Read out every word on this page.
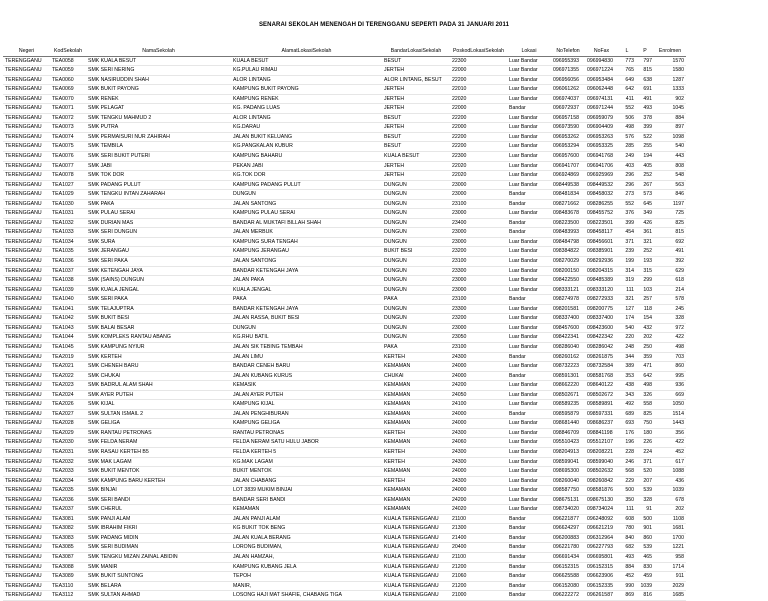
SENARAI SEKOLAH MENENGAH DI TERENGGANU SEPERTI PADA 31 JANUARI 2011
Negeri	KodSekolah	NamaSekolah	AlamatLokasiSekolah	BandarLokasiSekolah	PoskodLokasiSekolah	Lokasi	NoTelefon	NoFax	L	P	Enrolmen
TERENGGANU	TEA0058	SMK KUALA BESUT	KUALA BESUT	BESUT	22300	Luar Bandar	096955393	096994830	773	797	1570
TERENGGANU	TEA0059	SMK SERI NERING	KG.PULAU RIMAU	JERTEH	22000	Luar Bandar	096971355	096971224	765	815	1580
TERENGGANU	TEA0060	SMK NASIRUDDIN SHAH	ALOR LINTANG	ALOR LINTANG, BESUT	22200	Luar Bandar	096956056	096953484	649	638	1287
TERENGGANU	TEA0069	SMK BUKIT PAYONG	KAMPUNG BUKIT PAYONG	JERTEH	22010	Luar Bandar	096061262	096062448	642	691	1333
TERENGGANU	TEA0070	SMK RENEK	KAMPUNG RENEK	JERTEH	22020	Luar Bandar	096974037	096974131	411	491	902
TERENGGANU	TEA0071	SMK PELAGAT	KG. PADANG LUAS	JERTEH	22000	Bandar	096972937	096971244	552	493	1045
TERENGGANU	TEA0072	SMK TENGKU MAHMUD 2	ALOR LINTANG	BESUT	22200	Luar Bandar	096957158	096959079	506	378	884
TERENGGANU	TEA0073	SMK PUTRA	KG.DARAU	JERTEH	22000	Luar Bandar	096973590	096904409	498	399	897
TERENGGANU	TEA0074	SMK PERMAISURI NUR ZAHIRAH	JALAN BUKIT KELUANG	BESUT	22200	Luar Bandar	096953262	096953263	576	522	1098
TERENGGANU	TEA0075	SMK TEMBILA	KG.PANGKALAN KUBUR	BESUT	22200	Luar Bandar	096953294	096953325	285	255	540
TERENGGANU	TEA0076	SMK SERI BUKIT PUTERI	KAMPUNG BAHARU	KUALA BESUT	22300	Luar Bandar	096957600	096941768	249	194	443
TERENGGANU	TEA0077	SMK JABI	PEKAN JABI	JERTEH	22020	Luar Bandar	096941707	096941706	403	405	808
TERENGGANU	TEA0078	SMK TOK DOR	KG.TOK DOR	JERTEH	22020	Luar Bandar	096924869	096925969	296	252	548
TERENGGANU	TEA1027	SMK PADANG PULUT	KAMPUNG PADANG PULUT	DUNGUN	23000	Luar Bandar	098449538	098449532	296	267	563
TERENGGANU	TEA1029	SMK TENGKU INTAN ZAHARAH	DUNGUN	DUNGUN	23000	Bandar	098481834	098458032	273	573	846
TERENGGANU	TEA1030	SMK PAKA	JALAN SANTONG	DUNGUN	23100	Bandar	098271662	098286255	552	645	1197
TERENGGANU	TEA1031	SMK PULAU SERAI	KAMPUNG PULAU SERAI	DUNGUN	23000	Luar Bandar	098483678	098455752	376	349	725
TERENGGANU	TEA1032	SMK DURIAN MAS	BANDAR AL MUKTAFI BILLAH SHAH	DUNGUN	23400	Bandar	098223500	098223501	399	426	825
TERENGGANU	TEA1033	SMK SERI DUNGUN	JALAN MERBUK	DUNGUN	23000	Bandar	098483993	098458117	454	361	815
TERENGGANU	TEA1034	SMK SURA	KAMPUNG SURA TENGAH	DUNGUN	23000	Luar Bandar	098484798	098456601	371	321	692
TERENGGANU	TEA1035	SMK JERANGAU	KAMPUNG JERANGAU	BUKIT BESI	23200	Luar Bandar	098384822	098385901	239	252	491
TERENGGANU	TEA1036	SMK SERI PAKA	JALAN SANTONG	DUNGUN	23100	Luar Bandar	098270029	098292936	199	193	392
TERENGGANU	TEA1037	SMK KETENGAH JAYA	BANDAR KETENGAH JAYA	DUNGUN	23300	Luar Bandar	098200150	098204315	314	315	629
TERENGGANU	TEA1038	SMK (SAINS) DUNGUN	JALAN PAKA	DUNGUN	23000	Luar Bandar	098422550	098485389	319	299	618
TERENGGANU	TEA1039	SMK KUALA JENGAL	KUALA JENGAL	DUNGUN	23000	Luar Bandar	098333121	098333120	111	103	214
TERENGGANU	TEA1040	SMK SERI PAKA	PAKA	PAKA	23100	Bandar	098274978	098272933	321	257	578
TERENGGANU	TEA1041	SMK TELAJUPTRA	BANDAR KETENGAH JAYA	DUNGUN	23300	Luar Bandar	098201581	098200775	127	118	245
TERENGGANU	TEA1042	SMK BUKIT BESI	JALAN RASSA, BUKIT BESI	DUNGUN	23200	Luar Bandar	098337400	098337400	174	154	328
TERENGGANU	TEA1043	SMK BALAI BESAR	DUNGUN	DUNGUN	23000	Luar Bandar	098457600	098423600	540	432	972
TERENGGANU	TEA1044	SMK KOMPLEKS RANTAU ABANG	KG.RHU BATIL	DUNGUN	23050	Luar Bandar	098422341	098422342	220	202	422
TERENGGANU	TEA1045	SMK KAMPUNG NYIUR	JALAN SIK TEBING TEMBAH	PAKA	23100	Luar Bandar	098286040	098286042	248	250	498
TERENGGANU	TEA2019	SMK KERTEH	JALAN LIMU	KERTEH	24300	Bandar	098260162	098261875	344	359	703
TERENGGANU	TEA2021	SMK CHENEH BARU	BANDAR CENEH BARU	KEMAMAN	24000	Luar Bandar	098732223	098732584	389	471	860
TERENGGANU	TEA2022	SMK CHUKAI	JALAN KUBANG KURUS	CHUKAI	24000	Bandar	098591301	098581768	353	642	995
TERENGGANU	TEA2023	SMK BADRUL ALAM SHAH	KEMASIK	KEMAMAN	24200	Luar Bandar	098662220	098640122	438	498	936
TERENGGANU	TEA2024	SMK AYER PUTEH	JALAN AYER PUTEH	KEMAMAN	24050	Luar Bandar	098502671	098502672	343	326	669
TERENGGANU	TEA2026	SMK KIJAL	KAMPUNG KIJAL	KEMAMAN	24100	Luar Bandar	098589235	098589891	492	558	1050
TERENGGANU	TEA2027	SMK SULTAN ISMAIL 2	JALAN PENGHIBURAN	KEMAMAN	24000	Bandar	098595879	098597331	689	825	1514
TERENGGANU	TEA2028	SMK GELIGA	KAMPUNG GELIGA	KEMAMAN	24000	Luar Bandar	098681440	098686237	693	750	1443
TERENGGANU	TEA2029	SMK RANTAU PETRONAS	RANTAU PETRONAS	KERTEH	24300	Luar Bandar	098846709	098841198	176	180	356
TERENGGANU	TEA2030	SMK FELDA NERAM	FELDA NERAM SATU HULU JABOR	KEMAMAN	24060	Luar Bandar	095510423	095512107	196	226	422
TERENGGANU	TEA2031	SMK RASAU KERTEH B5	FELDA KERTEH 5	KERTEH	24300	Luar Bandar	098204913	098208221	228	224	452
TERENGGANU	TEA2032	SMK MAK LAGAM	KG.MAK LAGAM	KERTEH	24300	Luar Bandar	098599041	098599040	246	371	617
TERENGGANU	TEA2033	SMK BUKIT MENTOK	BUKIT MENTOK	KEMAMAN	24000	Luar Bandar	098695300	098502632	568	520	1088
TERENGGANU	TEA2034	SMK KAMPUNG BARU KERTEH	JALAN CHABANG	KERTEH	24300	Luar Bandar	098260040	098260842	229	207	436
TERENGGANU	TEA2035	SMK BINJAI	LOT 3839 MUKIM BINJAI	KEMAMAN	24000	Luar Bandar	098587750	098581876	500	539	1039
TERENGGANU	TEA2036	SMK SERI BANDI	BANDAR SERI BANDI	KEMAMAN	24200	Luar Bandar	098675131	098675130	350	328	678
TERENGGANU	TEA2037	SMK CHERUL	KEMAMAN	KEMAMAN	24020	Luar Bandar	098734020	098734024	111	91	202
TERENGGANU	TEA3081	SMK PANJI ALAM	JALAN PANJI ALAM	KUALA TERENGGANU	21100	Bandar	096221877	096248092	608	500	1108
TERENGGANU	TEA3082	SMK IBRAHIM FIKRI	KG BUKIT TOK BENG	KUALA TERENGGANU	21300	Bandar	096624297	096621219	780	901	1681
TERENGGANU	TEA3083	SMK PADANG MIDIN	JALAN KUALA BERANG	KUALA TERENGGANU	21400	Bandar	096200883	096312964	840	860	1700
TERENGGANU	TEA3085	SMK SERI BUDIMAN	LORONG BUDIMAN,	KUALA TERENGGANU	20400	Bandar	096221780	096227793	682	539	1221
TERENGGANU	TEA3087	SMK TENGKU MIZAN ZAINAL ABIDIN	JALAN HAMZAH,	KUALA TERENGGANU	21100	Bandar	096691434	096695801	493	465	958
TERENGGANU	TEA3088	SMK MANIR	KAMPUNG KUBANG JELA	KUALA TERENGGANU	21200	Bandar	096152315	096152315	884	830	1714
TERENGGANU	TEA3089	SMK BUKIT SUNTONG	TEPOH	KUALA TERENGGANU	21060	Bandar	096625588	096623906	452	459	911
TERENGGANU	TEA3110	SMK BELARA	MANIR,	KUALA TERENGGANU	21200	Bandar	096152080	096152335	990	1039	2029
TERENGGANU	TEA3112	SMK SULTAN AHMAD	LOSONG HAJI MAT SHAFIE, CHABANG TIGA	KUALA TERENGGANU	21000	Bandar	096222272	096261587	869	816	1685
